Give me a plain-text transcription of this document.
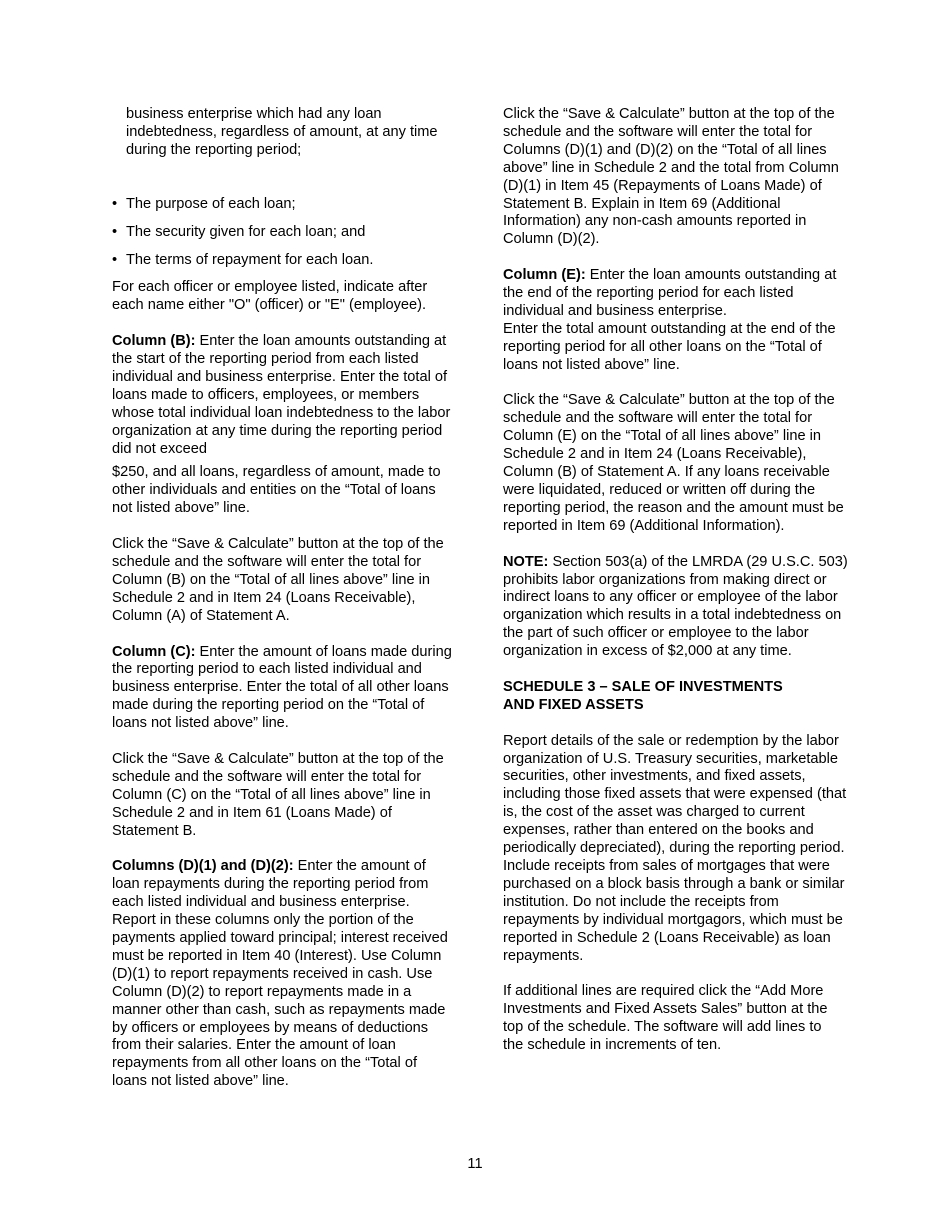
business enterprise which had any loan indebtedness, regardless of amount, at any time during the reporting period;

• The purpose of each loan;
• The security given for each loan; and
• The terms of repayment for each loan.

For each officer or employee listed, indicate after each name either "O" (officer) or "E" (employee).

Column (B): Enter the loan amounts outstanding at the start of the reporting period from each listed individual and business enterprise. Enter the total of loans made to officers, employees, or members whose total individual loan indebtedness to the labor organization at any time during the reporting period did not exceed

$250, and all loans, regardless of amount, made to other individuals and entities on the “Total of loans not listed above” line.

Click the “Save & Calculate” button at the top of the schedule and the software will enter the total for Column (B) on the “Total of all lines above” line in Schedule 2 and in Item 24 (Loans Receivable), Column (A) of Statement A.

Column (C): Enter the amount of loans made during the reporting period to each listed individual and business enterprise. Enter the total of all other loans made during the reporting period on the “Total of loans not listed above” line.

Click the “Save & Calculate” button at the top of the schedule and the software will enter the total for Column (C) on the “Total of all lines above” line in Schedule 2 and in Item 61 (Loans Made) of Statement B.

Columns (D)(1) and (D)(2): Enter the amount of loan repayments during the reporting period from each listed individual and business enterprise. Report in these columns only the portion of the payments applied toward principal; interest received must be reported in Item 40 (Interest). Use Column (D)(1) to report repayments received in cash. Use Column (D)(2) to report repayments made in a manner other than cash, such as repayments made by officers or employees by means of deductions from their salaries. Enter the amount of loan repayments from all other loans on the “Total of loans not listed above” line.

Click the “Save & Calculate” button at the top of the schedule and the software will enter the total for Columns (D)(1) and (D)(2) on the “Total of all lines above” line in Schedule 2 and the total from Column (D)(1) in Item 45 (Repayments of Loans Made) of Statement B. Explain in Item 69 (Additional Information) any non-cash amounts reported in Column (D)(2).

Column (E): Enter the loan amounts outstanding at the end of the reporting period for each listed individual and business enterprise.

Enter the total amount outstanding at the end of the reporting period for all other loans on the “Total of loans not listed above” line.

Click the “Save & Calculate” button at the top of the schedule and the software will enter the total for Column (E) on the “Total of all lines above” line in Schedule 2 and in Item 24 (Loans Receivable), Column (B) of Statement A. If any loans receivable were liquidated, reduced or written off during the reporting period, the reason and the amount must be reported in Item 69 (Additional Information).

NOTE: Section 503(a) of the LMRDA (29 U.S.C. 503) prohibits labor organizations from making direct or indirect loans to any officer or employee of the labor organization which results in a total indebtedness on the part of such officer or employee to the labor organization in excess of $2,000 at any time.

SCHEDULE 3 – SALE OF INVESTMENTS AND FIXED ASSETS

Report details of the sale or redemption by the labor organization of U.S. Treasury securities, marketable securities, other investments, and fixed assets, including those fixed assets that were expensed (that is, the cost of the asset was charged to current expenses, rather than entered on the books and periodically depreciated), during the reporting period. Include receipts from sales of mortgages that were purchased on a block basis through a bank or similar institution. Do not include the receipts from repayments by individual mortgagors, which must be reported in Schedule 2 (Loans Receivable) as loan repayments.

If additional lines are required click the “Add More Investments and Fixed Assets Sales” button at the top of the schedule. The software will add lines to the schedule in increments of ten.

11
